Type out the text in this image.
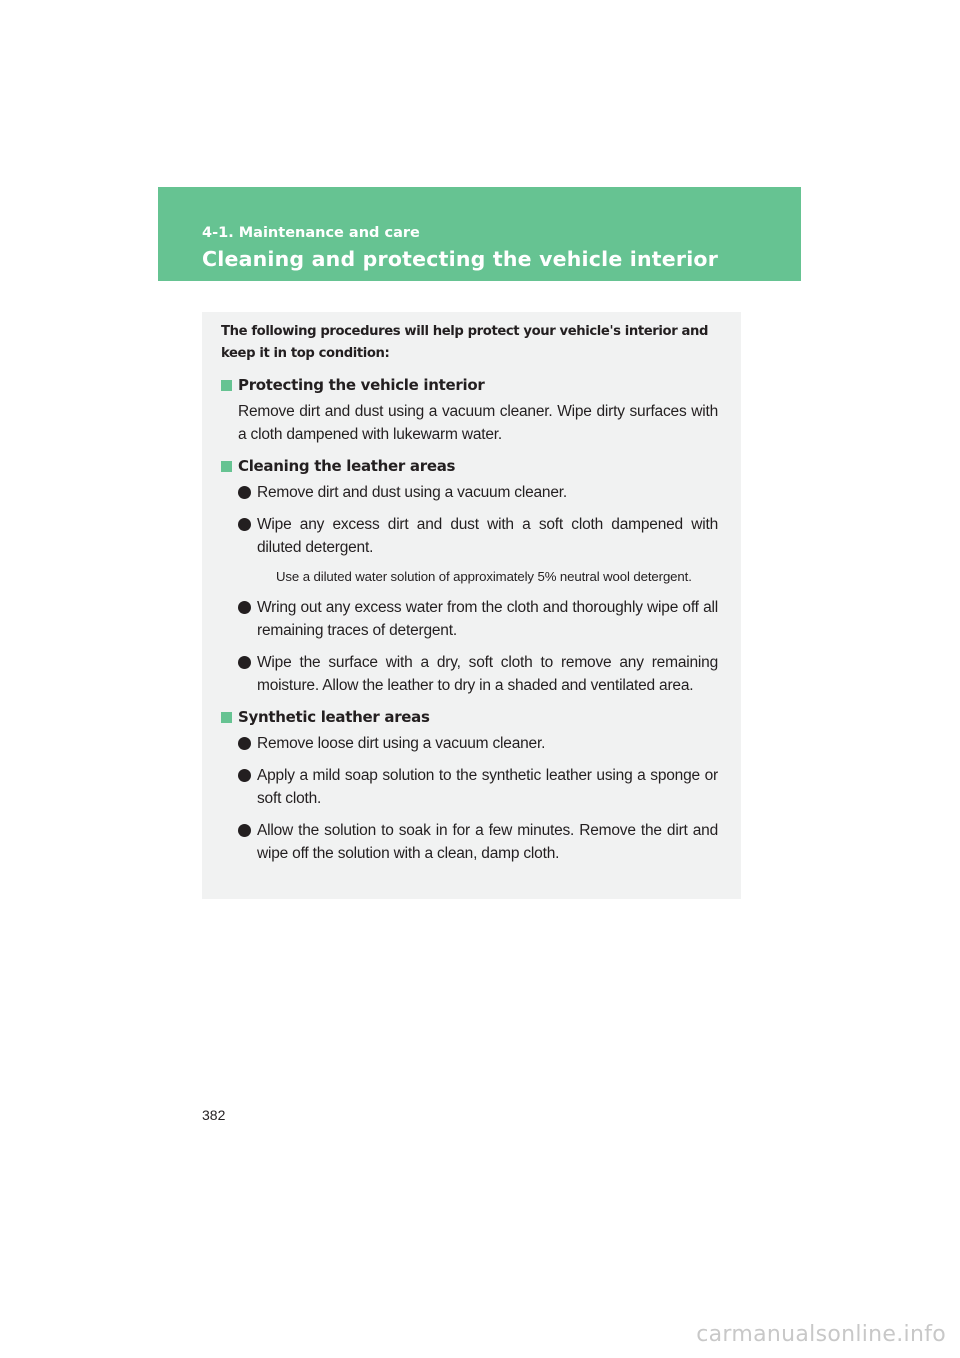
4-1. Maintenance and care
Cleaning and protecting the vehicle interior

The following procedures will help protect your vehicle's interior and keep it in top condition:

Protecting the vehicle interior

Remove dirt and dust using a vacuum cleaner. Wipe dirty surfaces with a cloth dampened with lukewarm water.

Cleaning the leather areas
Remove dirt and dust using a vacuum cleaner.
Wipe any excess dirt and dust with a soft cloth dampened with diluted detergent.

Use a diluted water solution of approximately 5% neutral wool detergent.

Wring out any excess water from the cloth and thoroughly wipe off all remaining traces of detergent.
Wipe the surface with a dry, soft cloth to remove any remaining moisture. Allow the leather to dry in a shaded and ventilated area.
Synthetic leather areas
Remove loose dirt using a vacuum cleaner.
Apply a mild soap solution to the synthetic leather using a sponge or soft cloth.
Allow the solution to soak in for a few minutes. Remove the dirt and wipe off the solution with a clean, damp cloth.
382
carmanualsonline.info
